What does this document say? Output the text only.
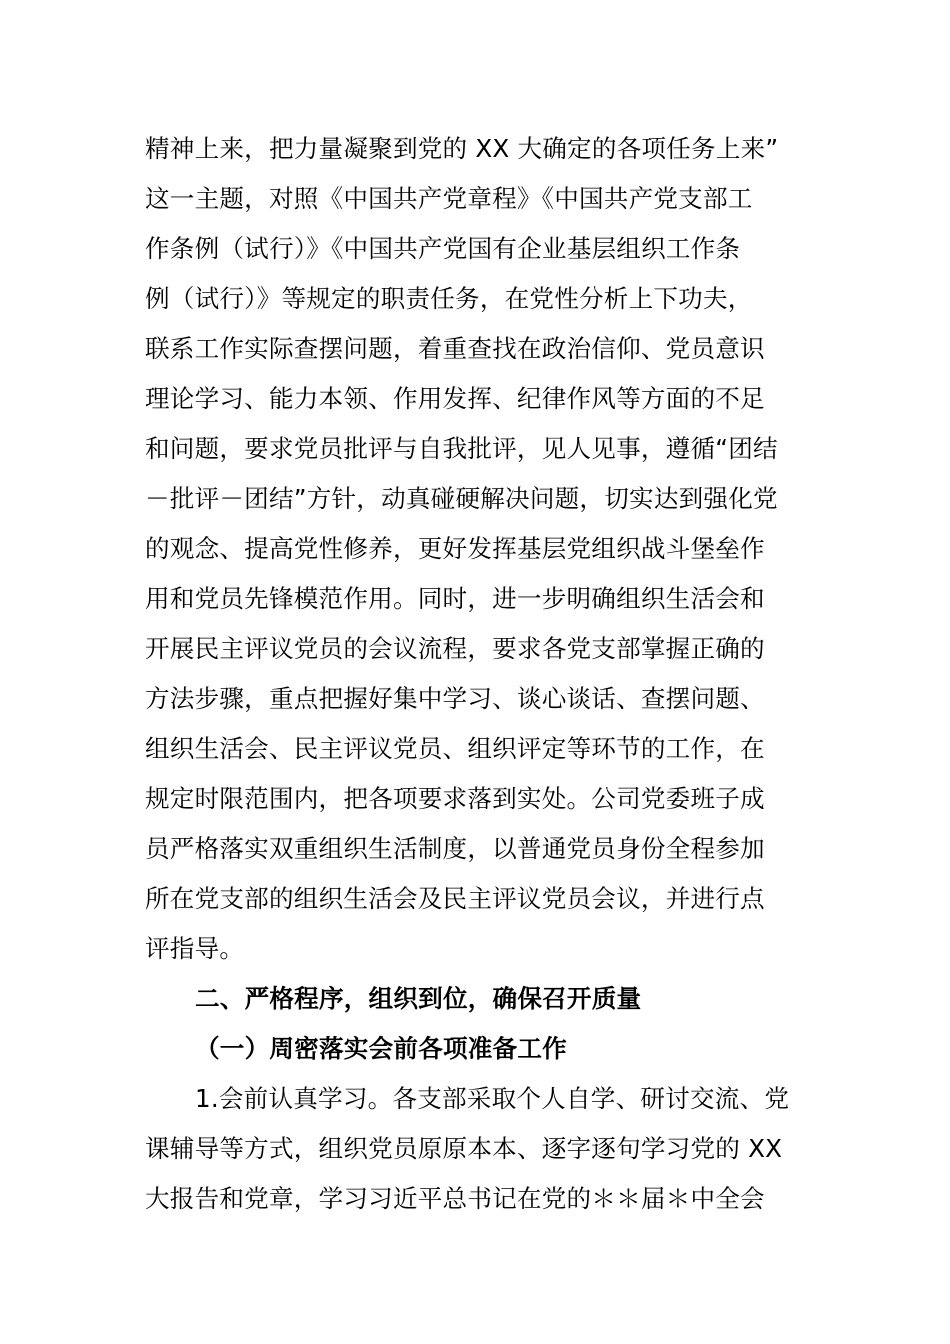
精神上来，把力量凝聚到党的 XX 大确定的各项任务上来”
这一主题，对照《中国共产党章程》《中国共产党支部工
作条例（试行）》《中国共产党国有企业基层组织工作条
例（试行）》等规定的职责任务，在党性分析上下功夫，
联系工作实际查摆问题，着重查找在政治信仰、党员意识
理论学习、能力本领、作用发挥、纪律作风等方面的不足
和问题，要求党员批评与自我批评，见人见事，遵循“团结
－批评－团结”方针，动真碰硬解决问题，切实达到强化党
的观念、提高党性修养，更好发挥基层党组织战斗堡垒作
用和党员先锋模范作用。同时，进一步明确组织生活会和
开展民主评议党员的会议流程，要求各党支部掌握正确的
方法步骤，重点把握好集中学习、谈心谈话、查摆问题、
组织生活会、民主评议党员、组织评定等环节的工作，在
规定时限范围内，把各项要求落到实处。公司党委班子成
员严格落实双重组织生活制度，以普通党员身份全程参加
所在党支部的组织生活会及民主评议党员会议，并进行点
评指导。
二、严格程序，组织到位，确保召开质量
（一）周密落实会前各项准备工作
1.会前认真学习。各支部采取个人自学、研讨交流、党
课辅导等方式，组织党员原原本本、逐字逐句学习党的 XX
大报告和党章，学习习近平总书记在党的＊＊届＊中全会
